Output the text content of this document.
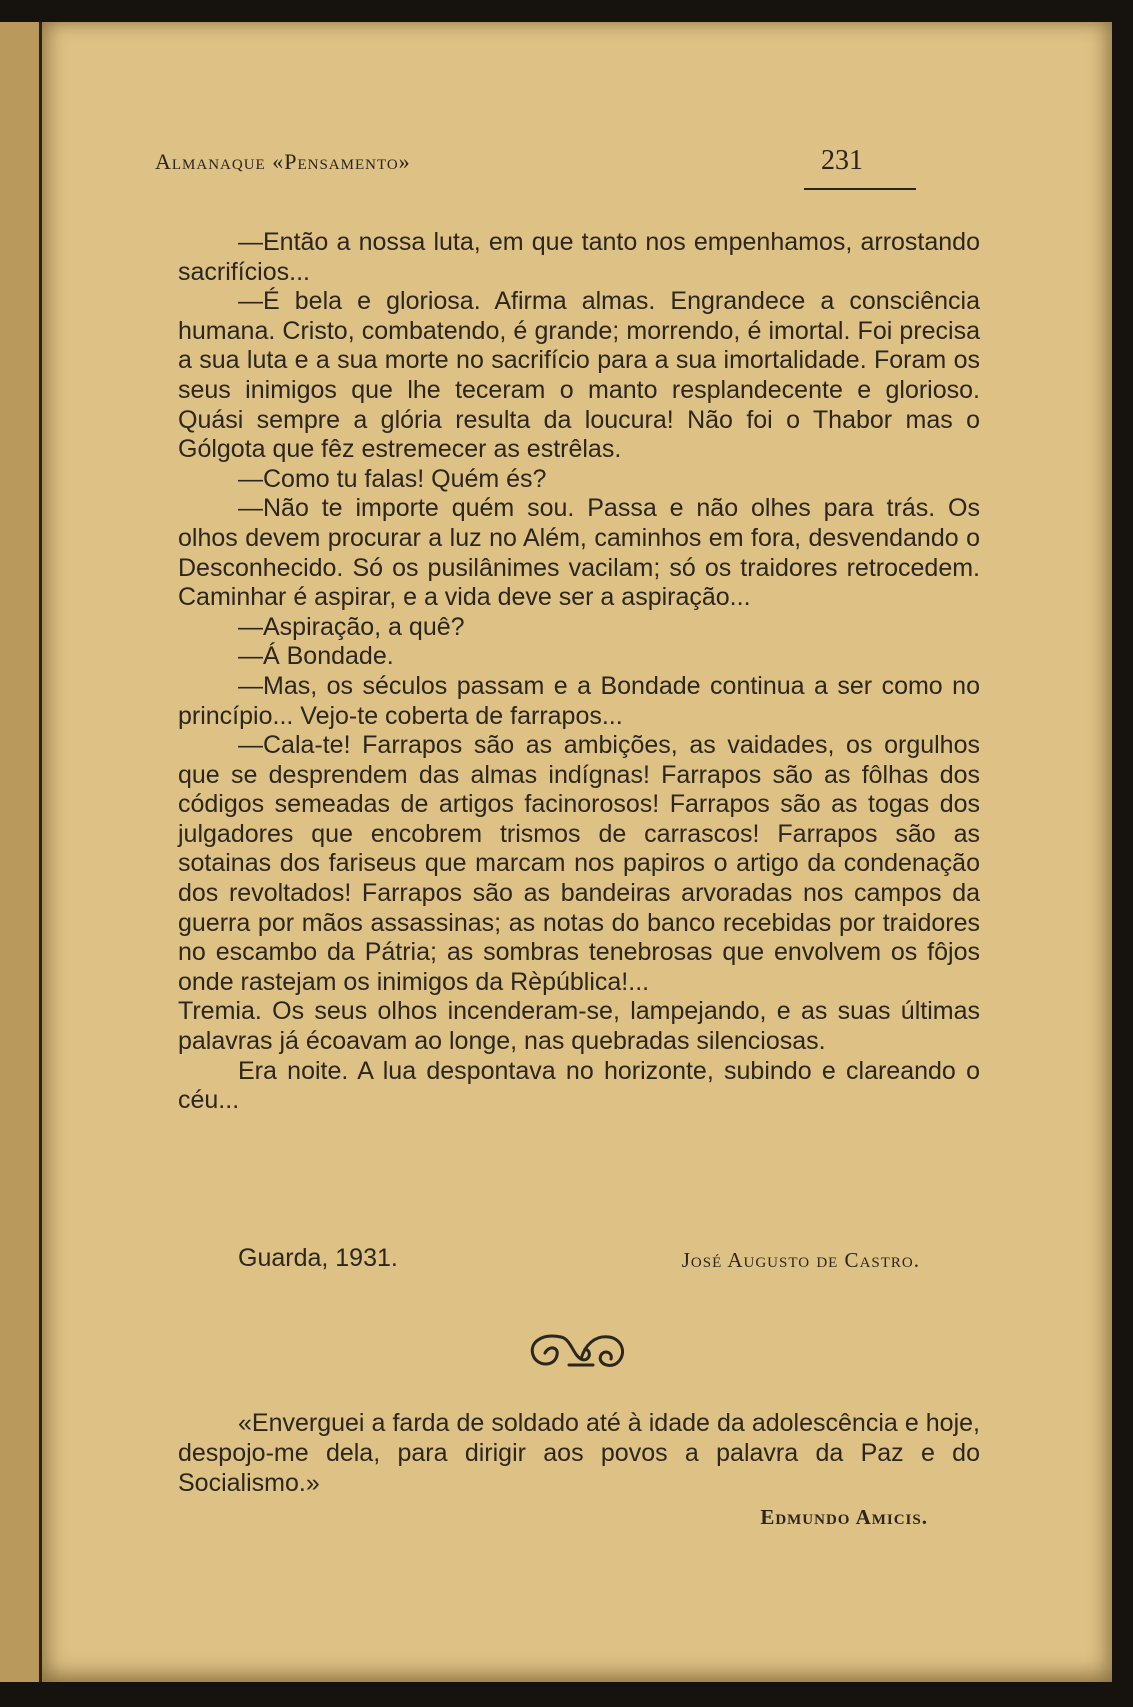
Almanaque «Pensamento»	231

—Então a nossa luta, em que tanto nos empenhamos, arrostando sacrifícios...

—É bela e gloriosa. Afirma almas. Engrandece a consciência humana. Cristo, combatendo, é grande; morrendo, é imortal. Foi precisa a sua luta e a sua morte no sacrifício para a sua imortalidade. Foram os seus inimigos que lhe teceram o manto resplandecente e glorioso. Quási sempre a glória resulta da loucura! Não foi o Thabor mas o Gólgota que fêz estremecer as estrêlas.

—Como tu falas! Quém és?

—Não te importe quém sou. Passa e não olhes para trás. Os olhos devem procurar a luz no Além, caminhos em fora, desvendando o Desconhecido. Só os pusilânimes vacilam; só os traidores retrocedem. Caminhar é aspirar, e a vida deve ser a aspiração...

—Aspiração, a quê?

—Á Bondade.

—Mas, os séculos passam e a Bondade continua a ser como no princípio... Vejo-te coberta de farrapos...

—Cala-te! Farrapos são as ambições, as vaidades, os orgulhos que se desprendem das almas indígnas! Farrapos são as fôlhas dos códigos semeadas de artigos facinorosos! Farrapos são as togas dos julgadores que encobrem trismos de carrascos! Farrapos são as sotainas dos fariseus que marcam nos papiros o artigo da condenação dos revoltados! Farrapos são as bandeiras arvoradas nos campos da guerra por mãos assassinas; as notas do banco recebidas por traidores no escambo da Pátria; as sombras tenebrosas que envolvem os fôjos onde rastejam os inimigos da Rèpública!...

Tremia. Os seus olhos incenderam-se, lampejando, e as suas últimas palavras já écoavam ao longe, nas quebradas silenciosas.

Era noite. A lua despontava no horizonte, subindo e clareando o céu...

Guarda, 1931.	José Augusto de Castro.

«Enverguei a farda de soldado até à idade da adolescência e hoje, despojo-me dela, para dirigir aos povos a palavra da Paz e do Socialismo.»

Edmundo Amicis.
